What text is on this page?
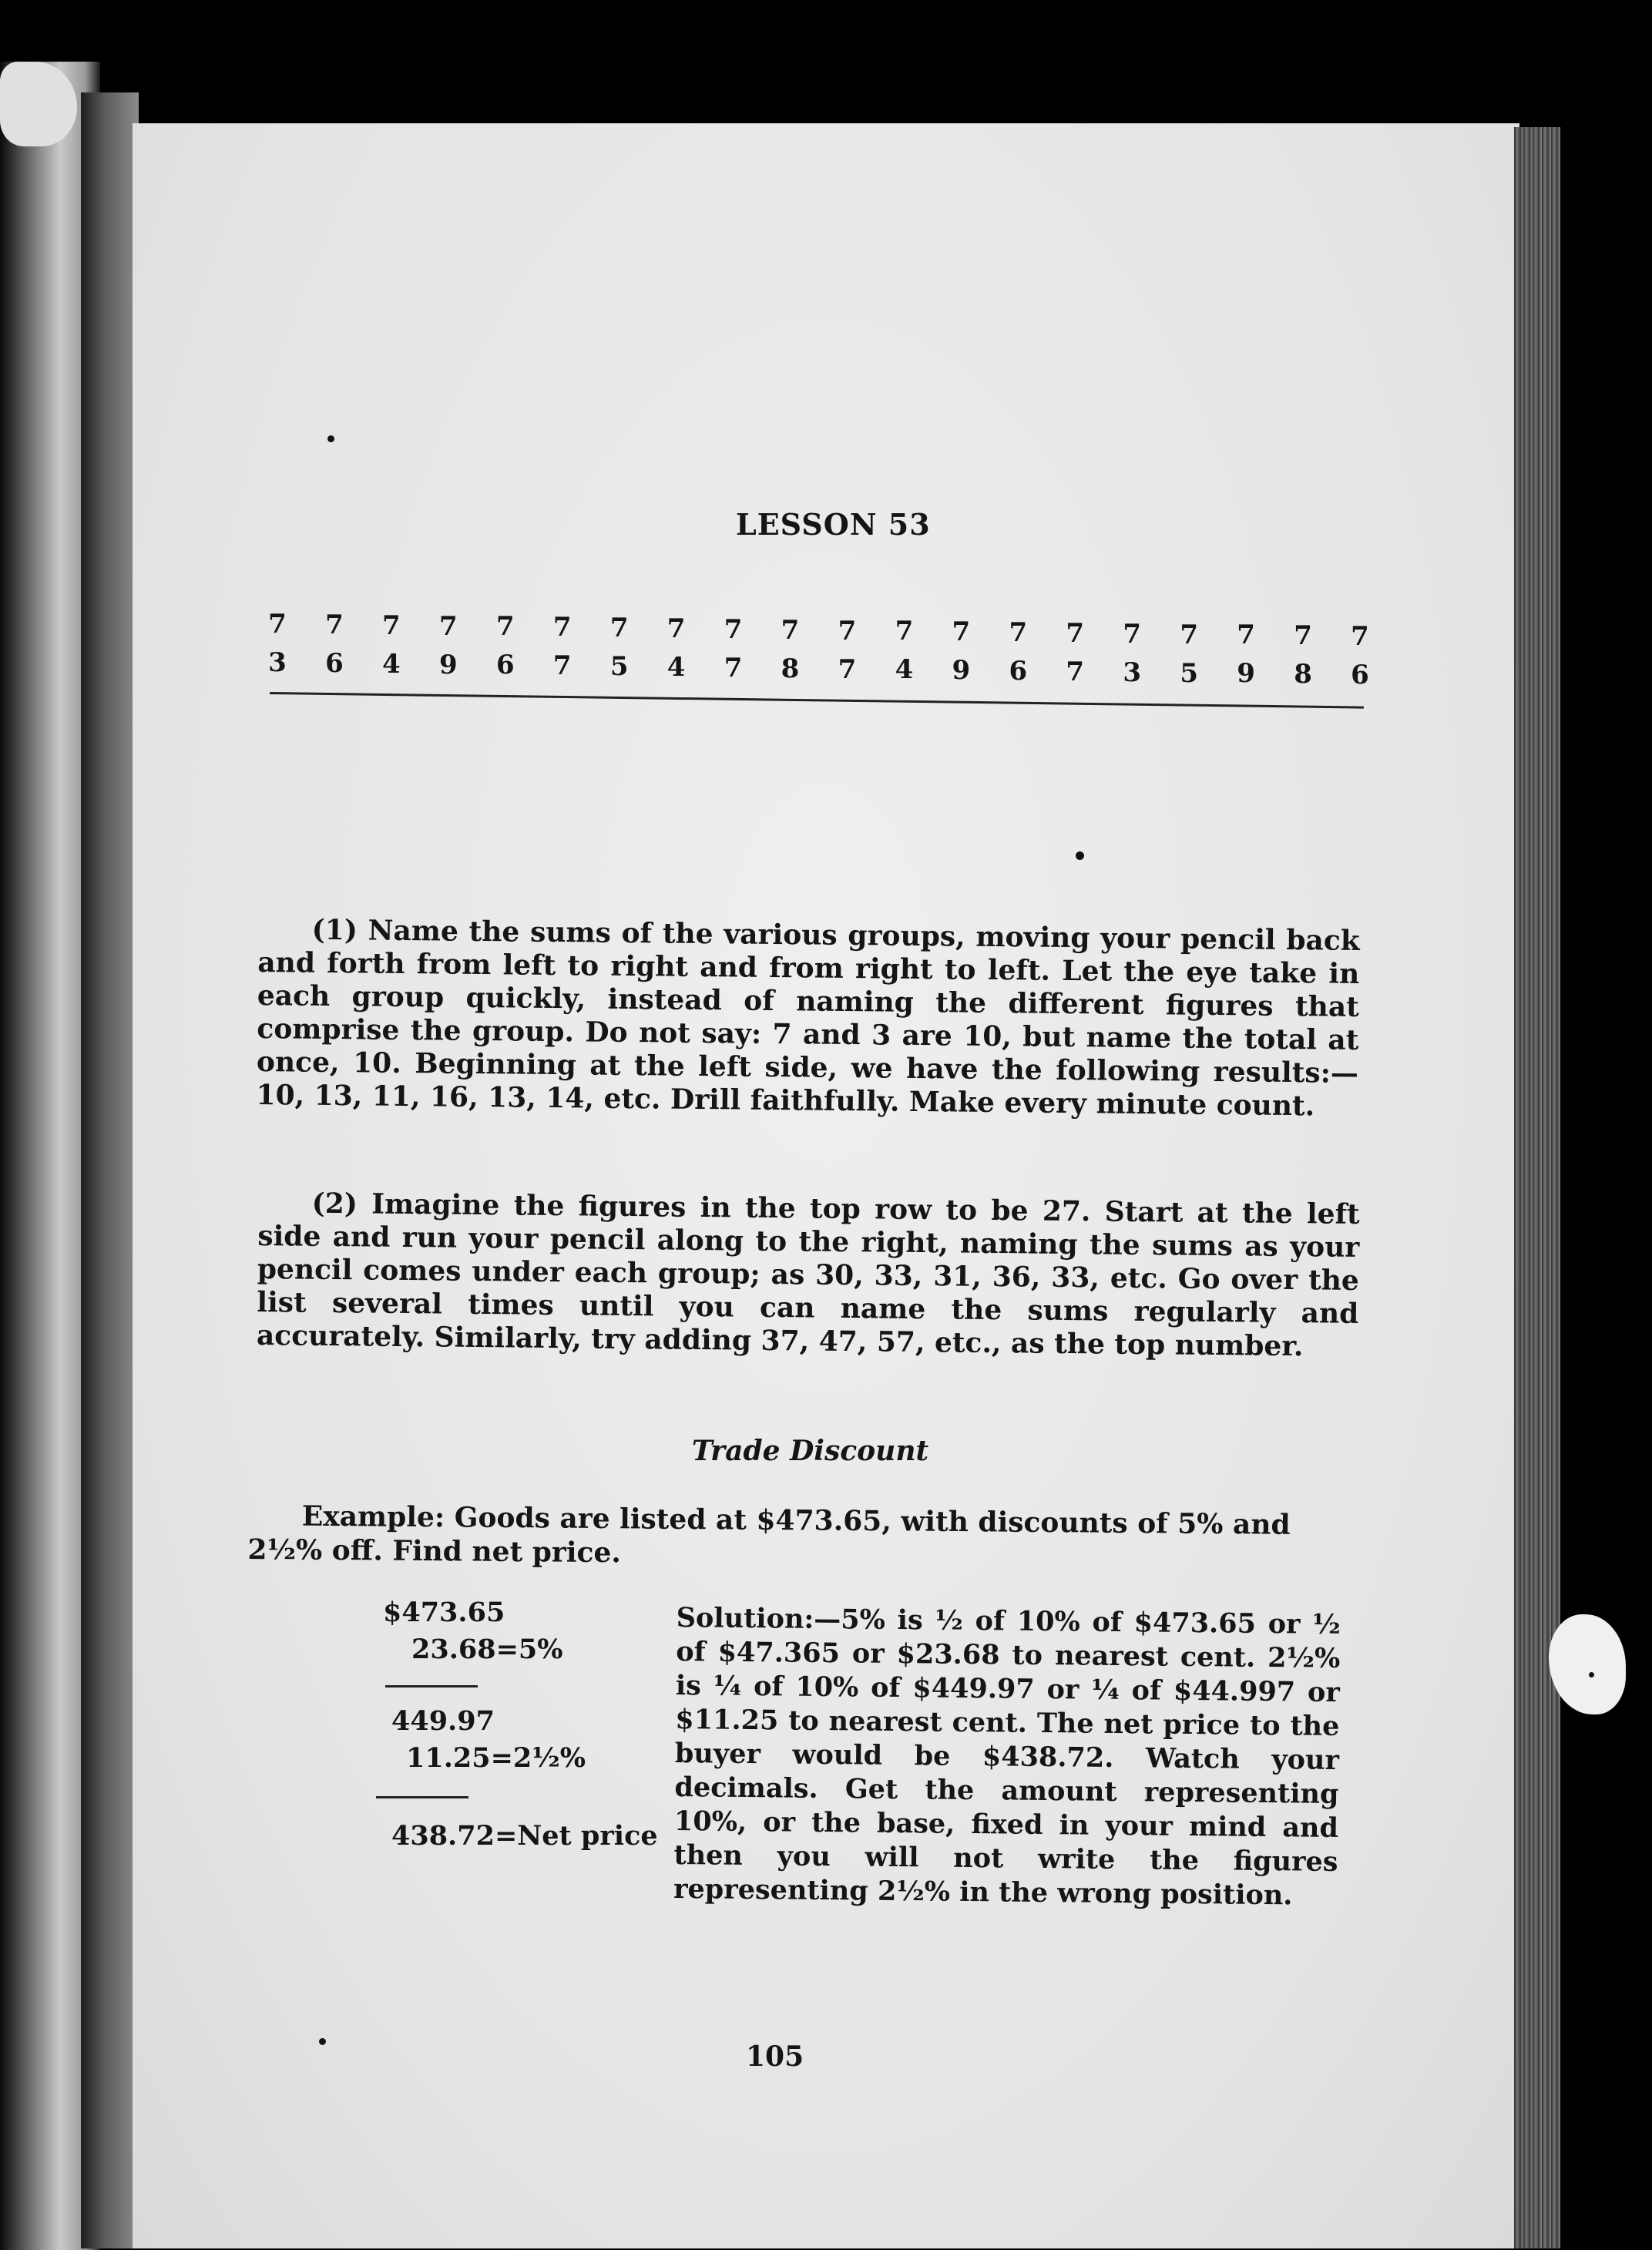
LESSON 53
7
3
7
6
7
4
7
9
7
6
7
7
7
5
7
4
7
7
7
8
7
7
7
4
7
9
7
6
7
7
7
3
7
5
7
9
7
8
7
6
(1) Name the sums of the various groups, moving your pencil back and forth from left to right and from right to left. Let the eye take in each group quickly, instead of naming the different figures that comprise the group. Do not say: 7 and 3 are 10, but name the total at once, 10. Beginning at the left side, we have the following results:—10, 13, 11, 16, 13, 14, etc. Drill faithfully. Make every minute count.
(2) Imagine the figures in the top row to be 27. Start at the left side and run your pencil along to the right, naming the sums as your pencil comes under each group; as 30, 33, 31, 36, 33, etc. Go over the list several times until you can name the sums regularly and accurately. Similarly, try adding 37, 47, 57, etc., as the top number.
Trade Discount
Example: Goods are listed at $473.65, with discounts of 5% and 2½% off. Find net price.
$473.65
23.68=5%
449.97
11.25=2½%
438.72=Net price
Solution:—5% is ½ of 10% of $473.65 or ½ of $47.365 or $23.68 to nearest cent. 2½% is ¼ of 10% of $449.97 or ¼ of $44.997 or $11.25 to nearest cent. The net price to the buyer would be $438.72. Watch your decimals. Get the amount representing 10%, or the base, fixed in your mind and then you will not write the figures representing 2½% in the wrong position.
105
